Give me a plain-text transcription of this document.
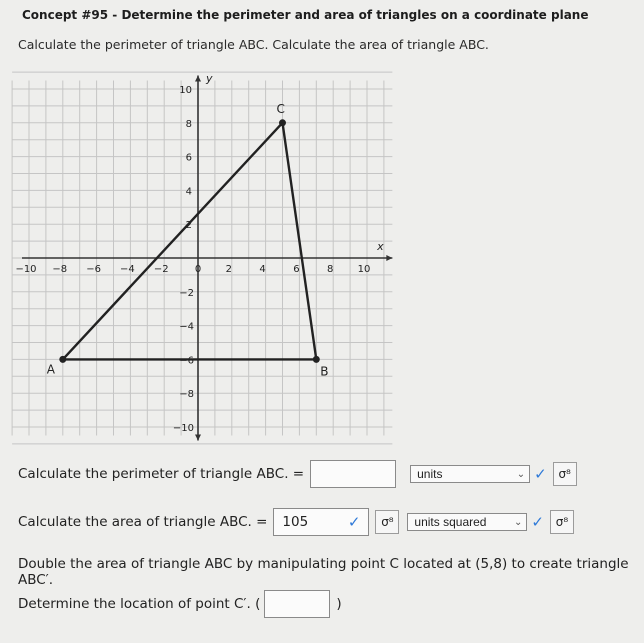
Concept #95 - Determine the perimeter and area of triangles on a coordinate plane
Calculate the perimeter of triangle ABC. Calculate the area of triangle ABC.
x
y
−10 −8 −6 −4 −2	0 2	4	6	8 10
10
8
6
4
2
−2
−4
−6
−8
−10
A	B
C
Calculate the perimeter of triangle ABC. =	units	⌄ ✓ σ⁸
Calculate the area of triangle ABC. = 105	✓	σ⁸	units squared	⌄ ✓ σ⁸
Double the area of triangle ABC by manipulating point C located at (5,8) to create triangle ABC′.
Determine the location of point C′. (	)
